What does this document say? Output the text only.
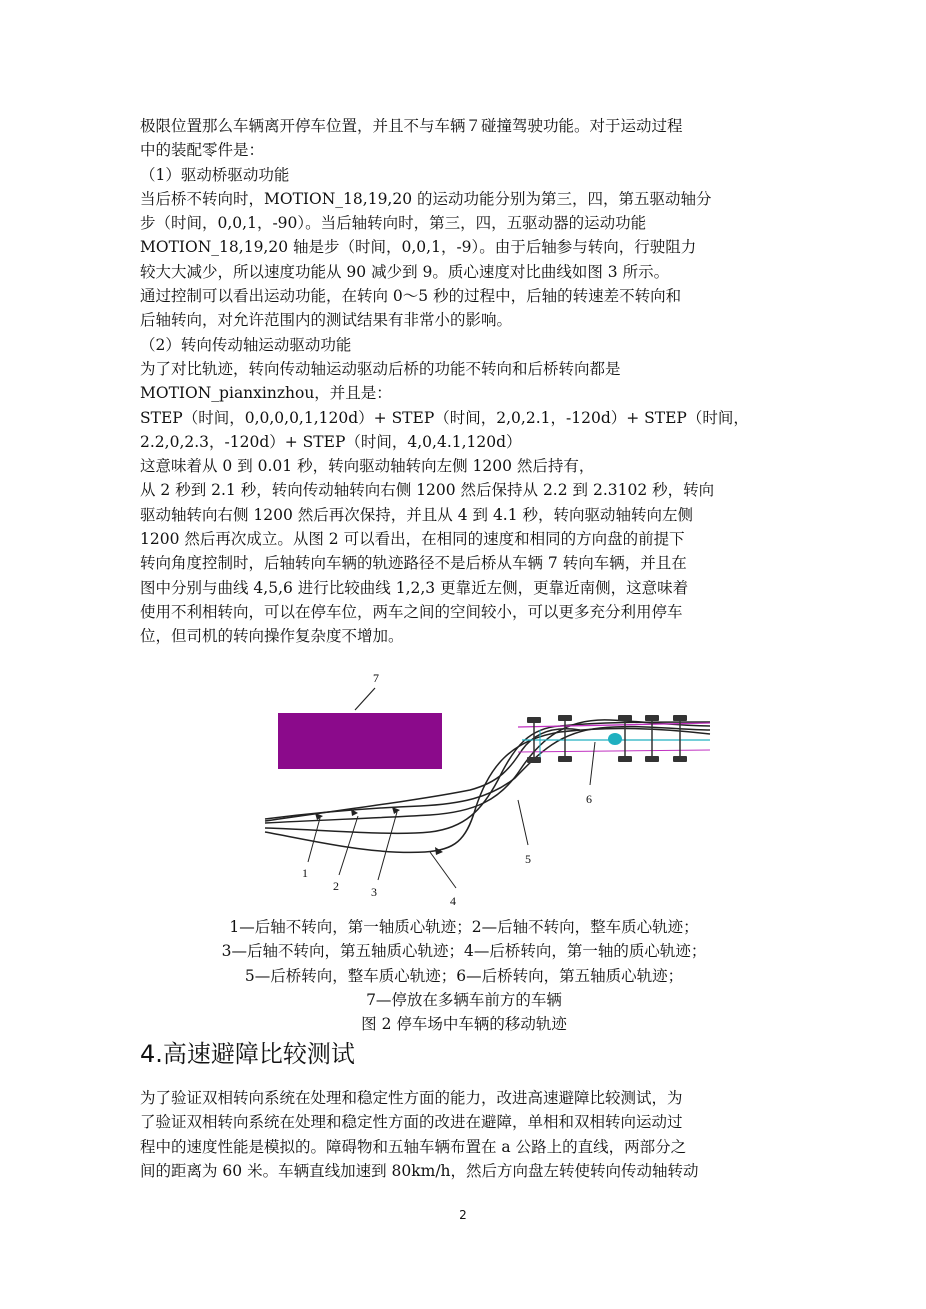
极限位置那么车辆离开停车位置，并且不与车辆７碰撞驾驶功能。对于运动过程

中的装配零件是：

（1）驱动桥驱动功能

当后桥不转向时，MOTION_18,19,20 的运动功能分别为第三，四，第五驱动轴分

步（时间，0,0,1，-90）。当后轴转向时，第三，四，五驱动器的运动功能

MOTION_18,19,20 轴是步（时间，0,0,1，-9）。由于后轴参与转向，行驶阻力

较大大减少，所以速度功能从 90 减少到 9。质心速度对比曲线如图 3 所示。

通过控制可以看出运动功能，在转向 0～5 秒的过程中，后轴的转速差不转向和

后轴转向，对允许范围内的测试结果有非常小的影响。

（2）转向传动轴运动驱动功能

为了对比轨迹，转向传动轴运动驱动后桥的功能不转向和后桥转向都是

MOTION_pianxinzhou，并且是：

STEP（时间，0,0,0,0,1,120d）+ STEP（时间，2,0,2.1，-120d）+ STEP（时间，

2.2,0,2.3，-120d）+ STEP（时间，4,0,4.1,120d）

这意味着从 0 到 0.01 秒，转向驱动轴转向左侧 1200 然后持有，

从 2 秒到 2.1 秒，转向传动轴转向右侧 1200 然后保持从 2.2 到 2.3102 秒，转向

驱动轴转向右侧 1200 然后再次保持，并且从 4 到 4.1 秒，转向驱动轴转向左侧

1200 然后再次成立。从图 2 可以看出，在相同的速度和相同的方向盘的前提下

转向角度控制时，后轴转向车辆的轨迹路径不是后桥从车辆 7 转向车辆，并且在

图中分别与曲线 4,5,6 进行比较曲线 1,2,3 更靠近左侧，更靠近南侧，这意味着

使用不利相转向，可以在停车位，两车之间的空间较小，可以更多充分利用停车

位，但司机的转向操作复杂度不增加。

7
6
5
4
3
2
1

1—后轴不转向，第一轴质心轨迹；2—后轴不转向，整车质心轨迹；

3—后轴不转向，第五轴质心轨迹；4—后桥转向，第一轴的质心轨迹；

5—后桥转向，整车质心轨迹；6—后桥转向，第五轴质心轨迹；

7—停放在多辆车前方的车辆

图 2 停车场中车辆的移动轨迹

4.高速避障比较测试

为了验证双相转向系统在处理和稳定性方面的能力，改进高速避障比较测试，为

了验证双相转向系统在处理和稳定性方面的改进在避障，单相和双相转向运动过

程中的速度性能是模拟的。障碍物和五轴车辆布置在 a 公路上的直线，两部分之

间的距离为 60 米。车辆直线加速到 80km/h，然后方向盘左转使转向传动轴转动

2
